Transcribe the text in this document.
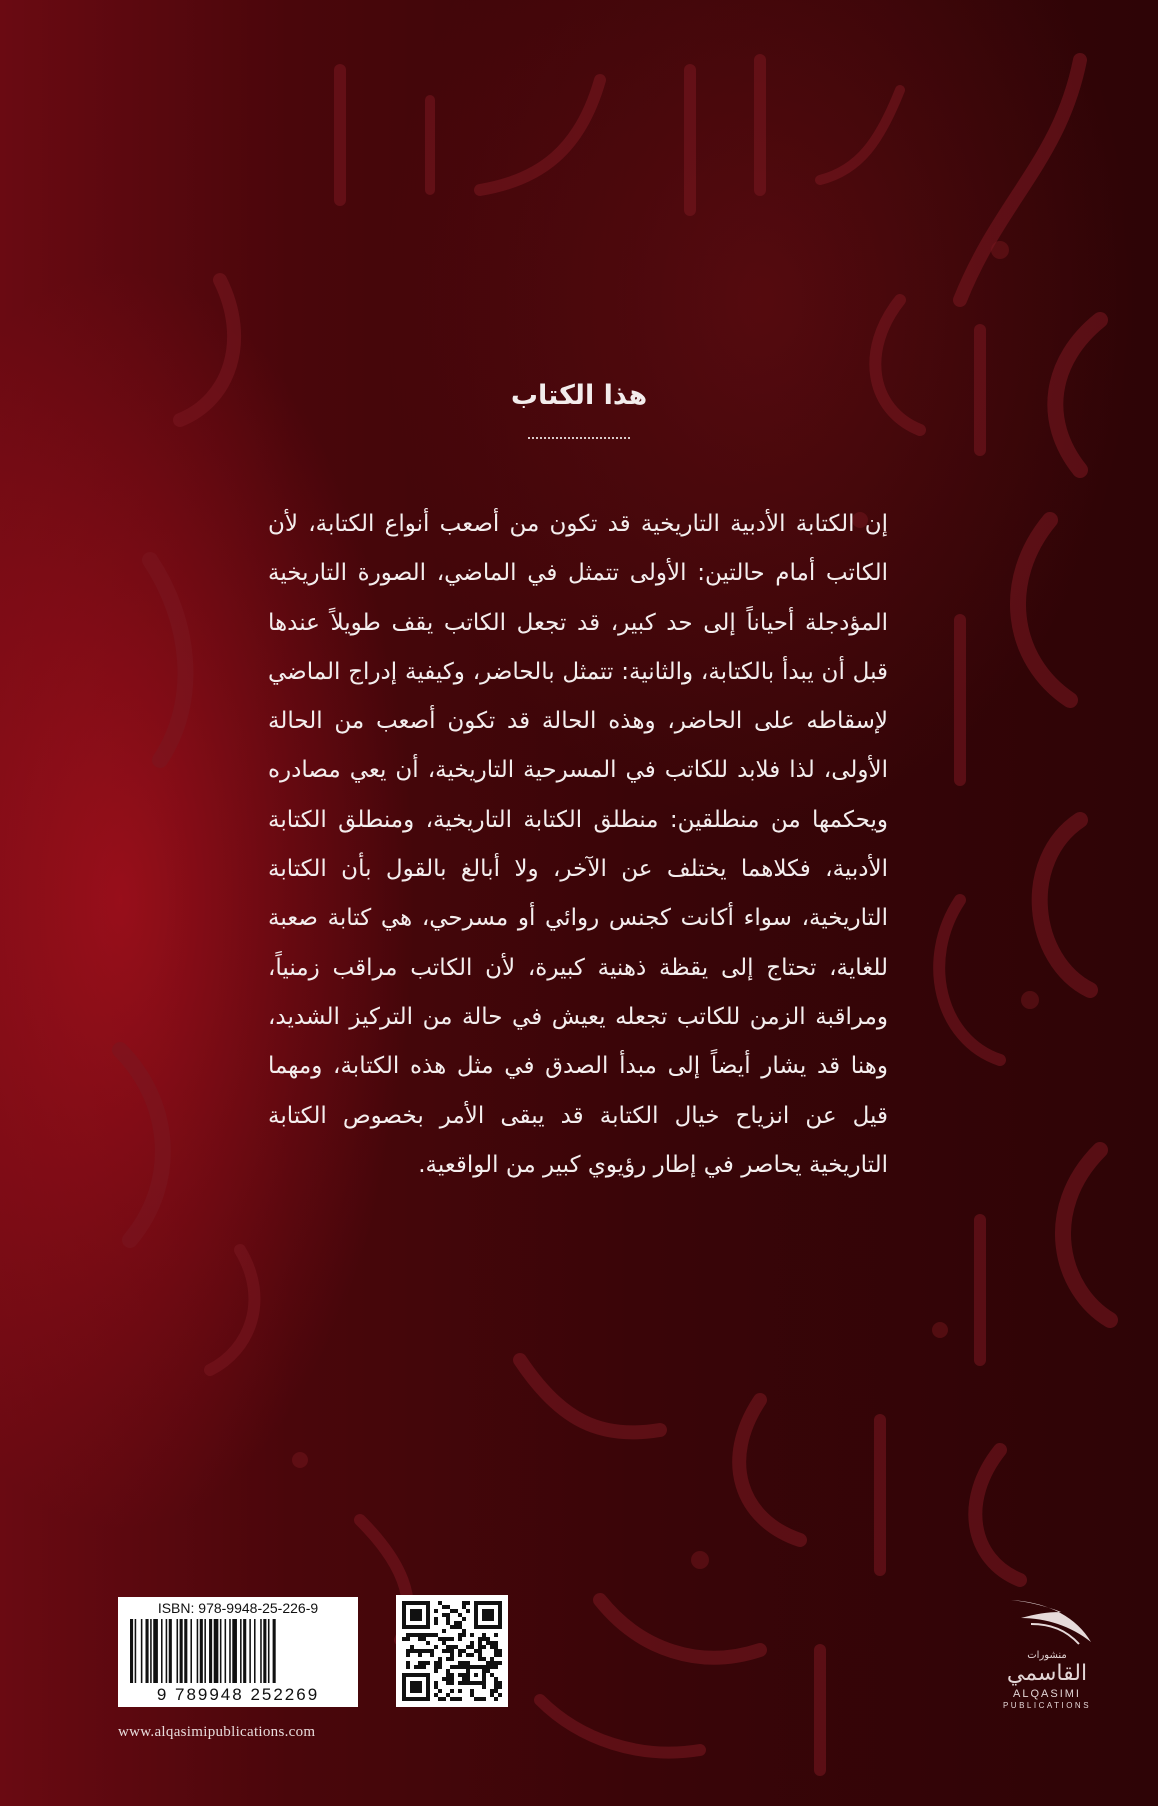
هذا الكتاب

إن الكتابة الأدبية التاريخية قد تكون من أصعب أنواع الكتابة، لأن الكاتب أمام حالتين: الأولى تتمثل في الماضي، الصورة التاريخية المؤدجلة أحياناً إلى حد كبير، قد تجعل الكاتب يقف طويلاً عندها قبل أن يبدأ بالكتابة، والثانية: تتمثل بالحاضر، وكيفية إدراج الماضي لإسقاطه على الحاضر، وهذه الحالة قد تكون أصعب من الحالة الأولى، لذا فلابد للكاتب في المسرحية التاريخية، أن يعي مصادره ويحكمها من منطلقين: منطلق الكتابة التاريخية، ومنطلق الكتابة الأدبية، فكلاهما يختلف عن الآخر، ولا أبالغ بالقول بأن الكتابة التاريخية، سواء أكانت كجنس روائي أو مسرحي، هي كتابة صعبة للغاية، تحتاج إلى يقظة ذهنية كبيرة، لأن الكاتب مراقب زمنياً، ومراقبة الزمن للكاتب تجعله يعيش في حالة من التركيز الشديد، وهنا قد يشار أيضاً إلى مبدأ الصدق في مثل هذه الكتابة، ومهما قيل عن انزياح خيال الكتابة قد يبقى الأمر بخصوص الكتابة التاريخية يحاصر في إطار رؤيوي كبير من الواقعية.

ISBN: 978-9948-25-226-9
9 789948 252269
www.alqasimipublications.com
منشورات
القاسمي
ALQASIMI
PUBLICATIONS
